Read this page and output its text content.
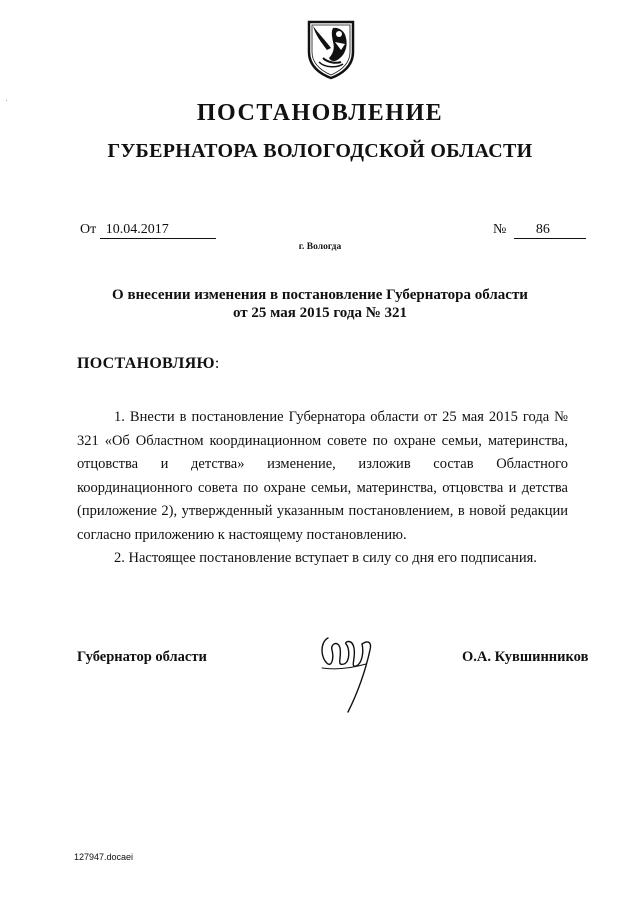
ПОСТАНОВЛЕНИЕ
ГУБЕРНАТОРА ВОЛОГОДСКОЙ ОБЛАСТИ
От 10.04.2017	№ 86
г. Вологда
О внесении изменения в постановление Губернатора области
от 25 мая 2015 года № 321
ПОСТАНОВЛЯЮ:

1. Внести в постановление Губернатора области от 25 мая 2015 года № 321 «Об Областном координационном совете по охране семьи, материнства, отцовства и детства» изменение, изложив состав Областного координационного совета по охране семьи, материнства, отцовства и детства (приложение 2), утвержденный указанным постановлением, в новой редакции согласно приложению к настоящему постановлению.

2. Настоящее постановление вступает в силу со дня его подписания.

Губернатор области	О.А. Кувшинников
127947.docaei
